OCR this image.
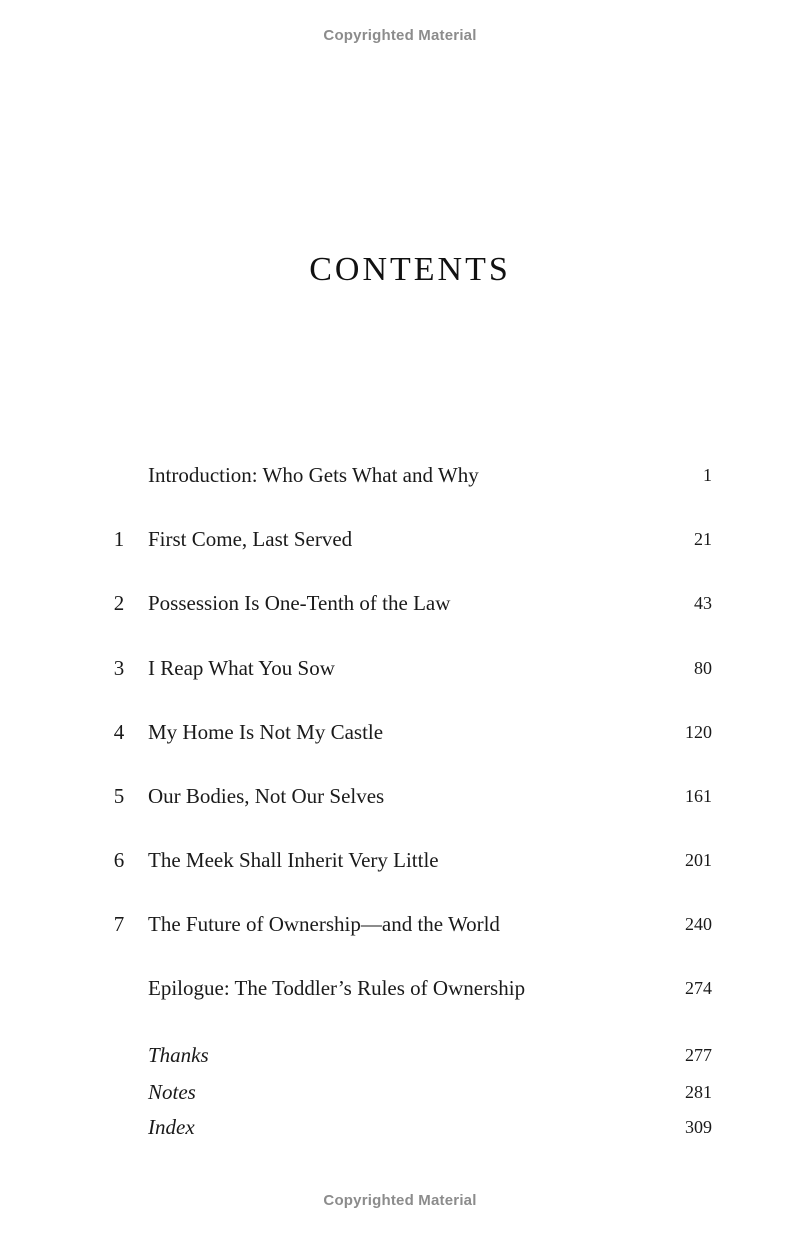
Copyrighted Material
CONTENTS
Introduction: Who Gets What and Why	1
1	First Come, Last Served	21
2	Possession Is One-Tenth of the Law	43
3	I Reap What You Sow	80
4	My Home Is Not My Castle	120
5	Our Bodies, Not Our Selves	161
6	The Meek Shall Inherit Very Little	201
7	The Future of Ownership—and the World	240
Epilogue: The Toddler’s Rules of Ownership	274
Thanks	277
Notes	281
Index	309
Copyrighted Material
